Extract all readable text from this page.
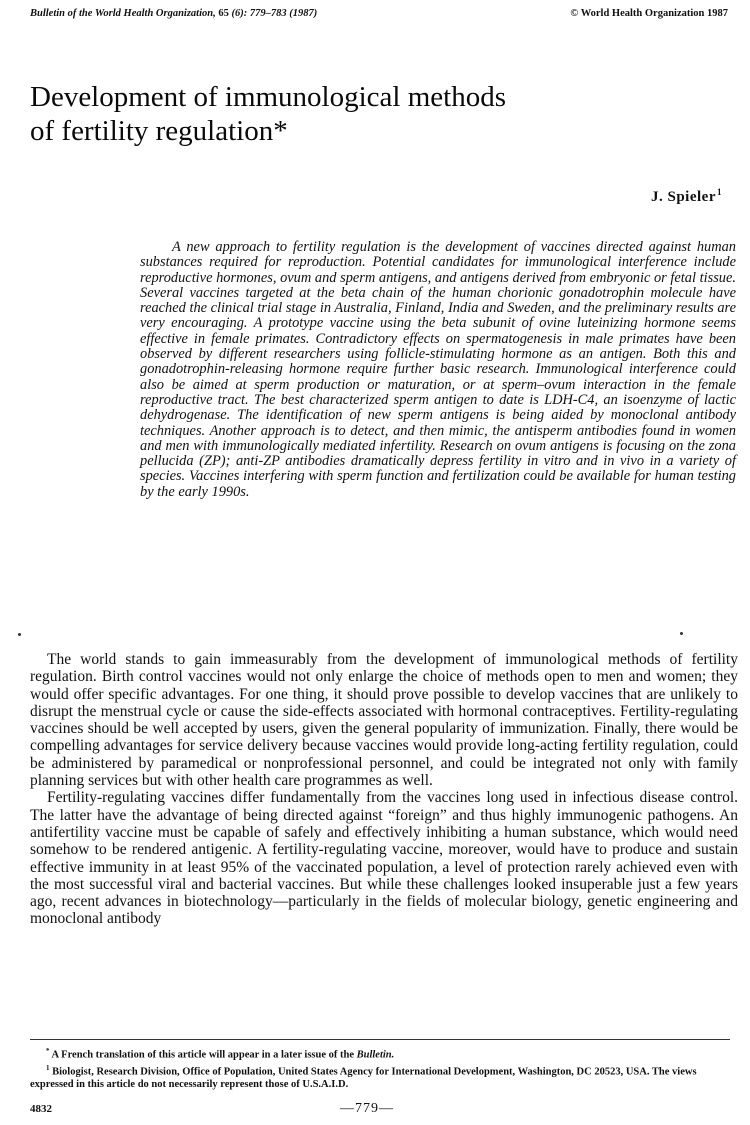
Bulletin of the World Health Organization, 65 (6): 779–783 (1987)	© World Health Organization 1987
Development of immunological methods
of fertility regulation*
J. Spieler$^1$
A new approach to fertility regulation is the development of vaccines directed against human substances required for reproduction. Potential candidates for immunological interference include reproductive hormones, ovum and sperm antigens, and antigens derived from embryonic or fetal tissue. Several vaccines targeted at the beta chain of the human chorionic gonadotrophin molecule have reached the clinical trial stage in Australia, Finland, India and Sweden, and the preliminary results are very encouraging. A prototype vaccine using the beta subunit of ovine luteinizing hormone seems effective in female primates. Contradictory effects on spermatogenesis in male primates have been observed by different researchers using follicle-stimulating hormone as an antigen. Both this and gonadotrophin-releasing hormone require further basic research. Immunological interference could also be aimed at sperm production or maturation, or at sperm–ovum interaction in the female reproductive tract. The best characterized sperm antigen to date is LDH-C4, an isoenzyme of lactic dehydrogenase. The identification of new sperm antigens is being aided by monoclonal antibody techniques. Another approach is to detect, and then mimic, the antisperm antibodies found in women and men with immunologically mediated infertility. Research on ovum antigens is focusing on the zona pellucida (ZP); anti-ZP antibodies dramatically depress fertility in vitro and in vivo in a variety of species. Vaccines interfering with sperm function and fertilization could be available for human testing by the early 1990s.

The world stands to gain immeasurably from the development of immunological methods of fertility regulation. Birth control vaccines would not only enlarge the choice of methods open to men and women; they would offer specific advantages. For one thing, it should prove possible to develop vaccines that are unlikely to disrupt the menstrual cycle or cause the side-effects associated with hormonal contraceptives. Fertility-regulating vaccines should be well accepted by users, given the general popularity of immunization. Finally, there would be compelling advantages for service delivery because vaccines would provide long-acting fertility regulation, could be administered by paramedical or nonprofessional personnel, and could be integrated not only with family planning services but with other health care programmes as well.

Fertility-regulating vaccines differ fundamentally from the vaccines long used in infectious disease control. The latter have the advantage of being directed against “foreign” and thus highly immunogenic pathogens. An antifertility vaccine must be capable of safely and effectively inhibiting a human substance, which would need somehow to be rendered antigenic. A fertility-regulating vaccine, moreover, would have to produce and sustain effective immunity in at least 95% of the vaccinated population, a level of protection rarely achieved even with the most successful viral and bacterial vaccines. But while these challenges looked insuperable just a few years ago, recent advances in biotechnology—particularly in the fields of molecular biology, genetic engineering and monoclonal antibody

* A French translation of this article will appear in a later issue of the Bulletin.
$^1$ Biologist, Research Division, Office of Population, United States Agency for International Development, Washington, DC 20523, USA. The views expressed in this article do not necessarily represent those of U.S.A.I.D.
4832	—779—
